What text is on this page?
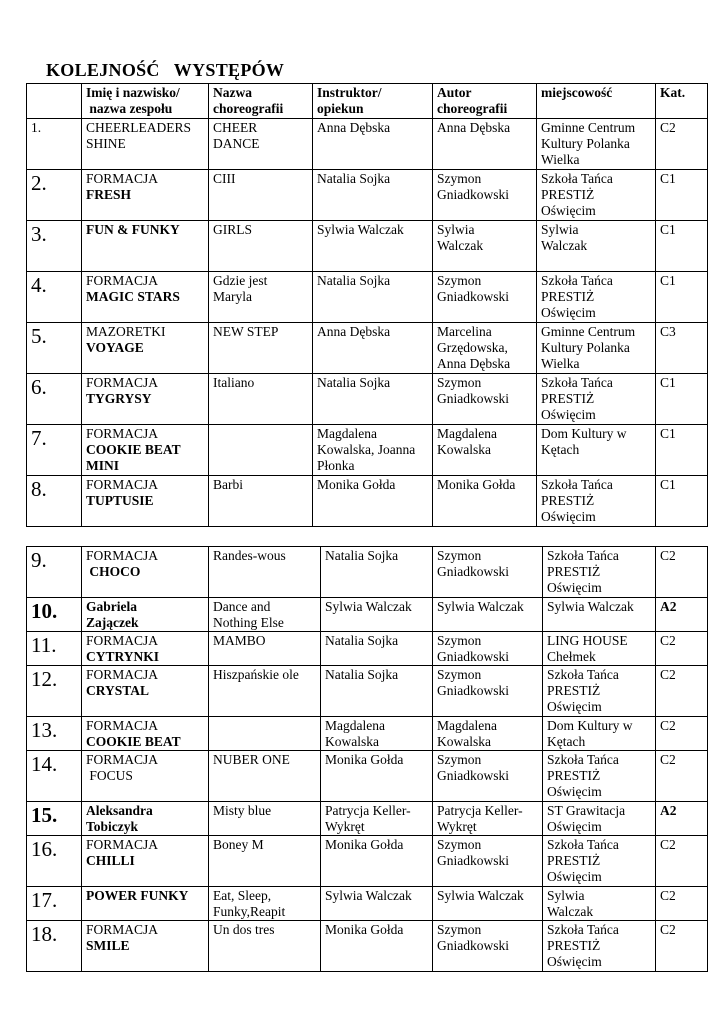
KOLEJNOŚĆ   WYSTĘPÓW

	Imię i nazwisko/
nazwa zespołu	Nazwa
choreografii	Instruktor/
opiekun	Autor
choreografii	miejscowość	Kat.
1.	CHEERLEADERS
SHINE	CHEER
DANCE	Anna Dębska	Anna Dębska	Gminne Centrum
Kultury Polanka
Wielka	C2
2.	FORMACJA
FRESH	CIII	Natalia Sojka	Szymon
Gniadkowski	Szkoła Tańca
PRESTIŻ
Oświęcim	C1
3.	FUN & FUNKY	GIRLS	Sylwia Walczak	Sylwia
Walczak	Sylwia
Walczak	C1
4.	FORMACJA
MAGIC STARS	Gdzie jest
Maryla	Natalia Sojka	Szymon
Gniadkowski	Szkoła Tańca
PRESTIŻ
Oświęcim	C1
5.	MAZORETKI
VOYAGE	NEW STEP	Anna Dębska	Marcelina
Grzędowska,
Anna Dębska	Gminne Centrum
Kultury Polanka
Wielka	C3
6.	FORMACJA
TYGRYSY	Italiano	Natalia Sojka	Szymon
Gniadkowski	Szkoła Tańca
PRESTIŻ
Oświęcim	C1
7.	FORMACJA
COOKIE BEAT
MINI		Magdalena
Kowalska, Joanna
Płonka	Magdalena
Kowalska	Dom Kultury w
Kętach	C1
8.	FORMACJA
TUPTUSIE	Barbi	Monika Gołda	Monika Gołda	Szkoła Tańca
PRESTIŻ
Oświęcim	C1
9.	FORMACJA
CHOCO	Randes-wous	Natalia Sojka	Szymon
Gniadkowski	Szkoła Tańca
PRESTIŻ
Oświęcim	C2
10.	Gabriela
Zajączek	Dance and
Nothing Else	Sylwia Walczak	Sylwia Walczak	Sylwia Walczak	A2
11.	FORMACJA
CYTRYNKI	MAMBO	Natalia Sojka	Szymon
Gniadkowski	LING HOUSE
Chełmek	C2
12.	FORMACJA
CRYSTAL	Hiszpańskie ole	Natalia Sojka	Szymon
Gniadkowski	Szkoła Tańca
PRESTIŻ
Oświęcim	C2
13.	FORMACJA
COOKIE BEAT		Magdalena
Kowalska	Magdalena
Kowalska	Dom Kultury w
Kętach	C2
14.	FORMACJA
FOCUS	NUBER ONE	Monika Gołda	Szymon
Gniadkowski	Szkoła Tańca
PRESTIŻ
Oświęcim	C2
15.	Aleksandra
Tobiczyk	Misty blue	Patrycja Keller-
Wykręt	Patrycja Keller-
Wykręt	ST Grawitacja
Oświęcim	A2
16.	FORMACJA
CHILLI	Boney M	Monika Gołda	Szymon
Gniadkowski	Szkoła Tańca
PRESTIŻ
Oświęcim	C2
17.	POWER FUNKY	Eat, Sleep,
Funky,Reapit	Sylwia Walczak	Sylwia Walczak	Sylwia
Walczak	C2
18.	FORMACJA
SMILE	Un dos tres	Monika Gołda	Szymon
Gniadkowski	Szkoła Tańca
PRESTIŻ
Oświęcim	C2
